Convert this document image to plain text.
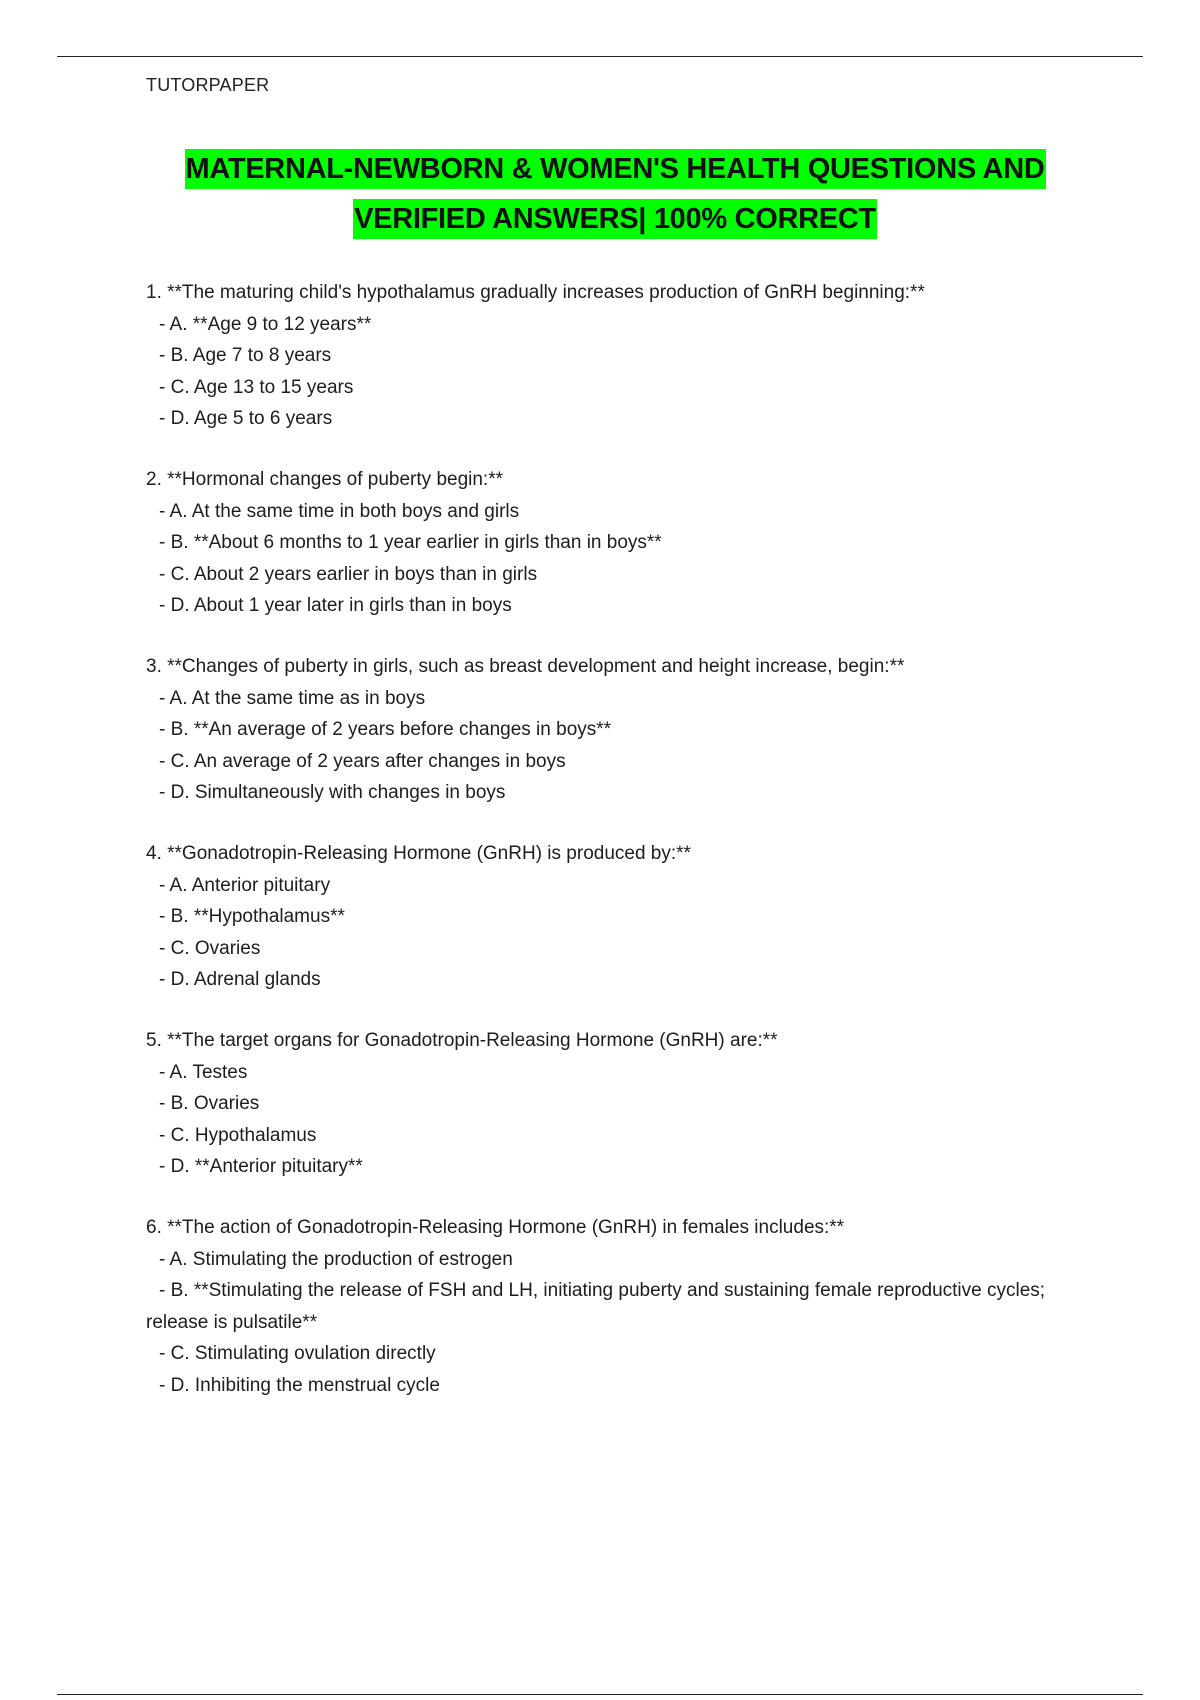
TUTORPAPER
MATERNAL-NEWBORN & WOMEN'S HEALTH QUESTIONS AND
VERIFIED ANSWERS| 100% CORRECT

1. **The maturing child's hypothalamus gradually increases production of GnRH beginning:**

- A. **Age 9 to 12 years**

- B. Age 7 to 8 years

- C. Age 13 to 15 years

- D. Age 5 to 6 years

2. **Hormonal changes of puberty begin:**

- A. At the same time in both boys and girls

- B. **About 6 months to 1 year earlier in girls than in boys**

- C. About 2 years earlier in boys than in girls

- D. About 1 year later in girls than in boys

3. **Changes of puberty in girls, such as breast development and height increase, begin:**

- A. At the same time as in boys

- B. **An average of 2 years before changes in boys**

- C. An average of 2 years after changes in boys

- D. Simultaneously with changes in boys

4. **Gonadotropin-Releasing Hormone (GnRH) is produced by:**

- A. Anterior pituitary

- B. **Hypothalamus**

- C. Ovaries

- D. Adrenal glands

5. **The target organs for Gonadotropin-Releasing Hormone (GnRH) are:**

- A. Testes

- B. Ovaries

- C. Hypothalamus

- D. **Anterior pituitary**

6. **The action of Gonadotropin-Releasing Hormone (GnRH) in females includes:**

- A. Stimulating the production of estrogen

- B. **Stimulating the release of FSH and LH, initiating puberty and sustaining female reproductive cycles; release is pulsatile**

- C. Stimulating ovulation directly

- D. Inhibiting the menstrual cycle
